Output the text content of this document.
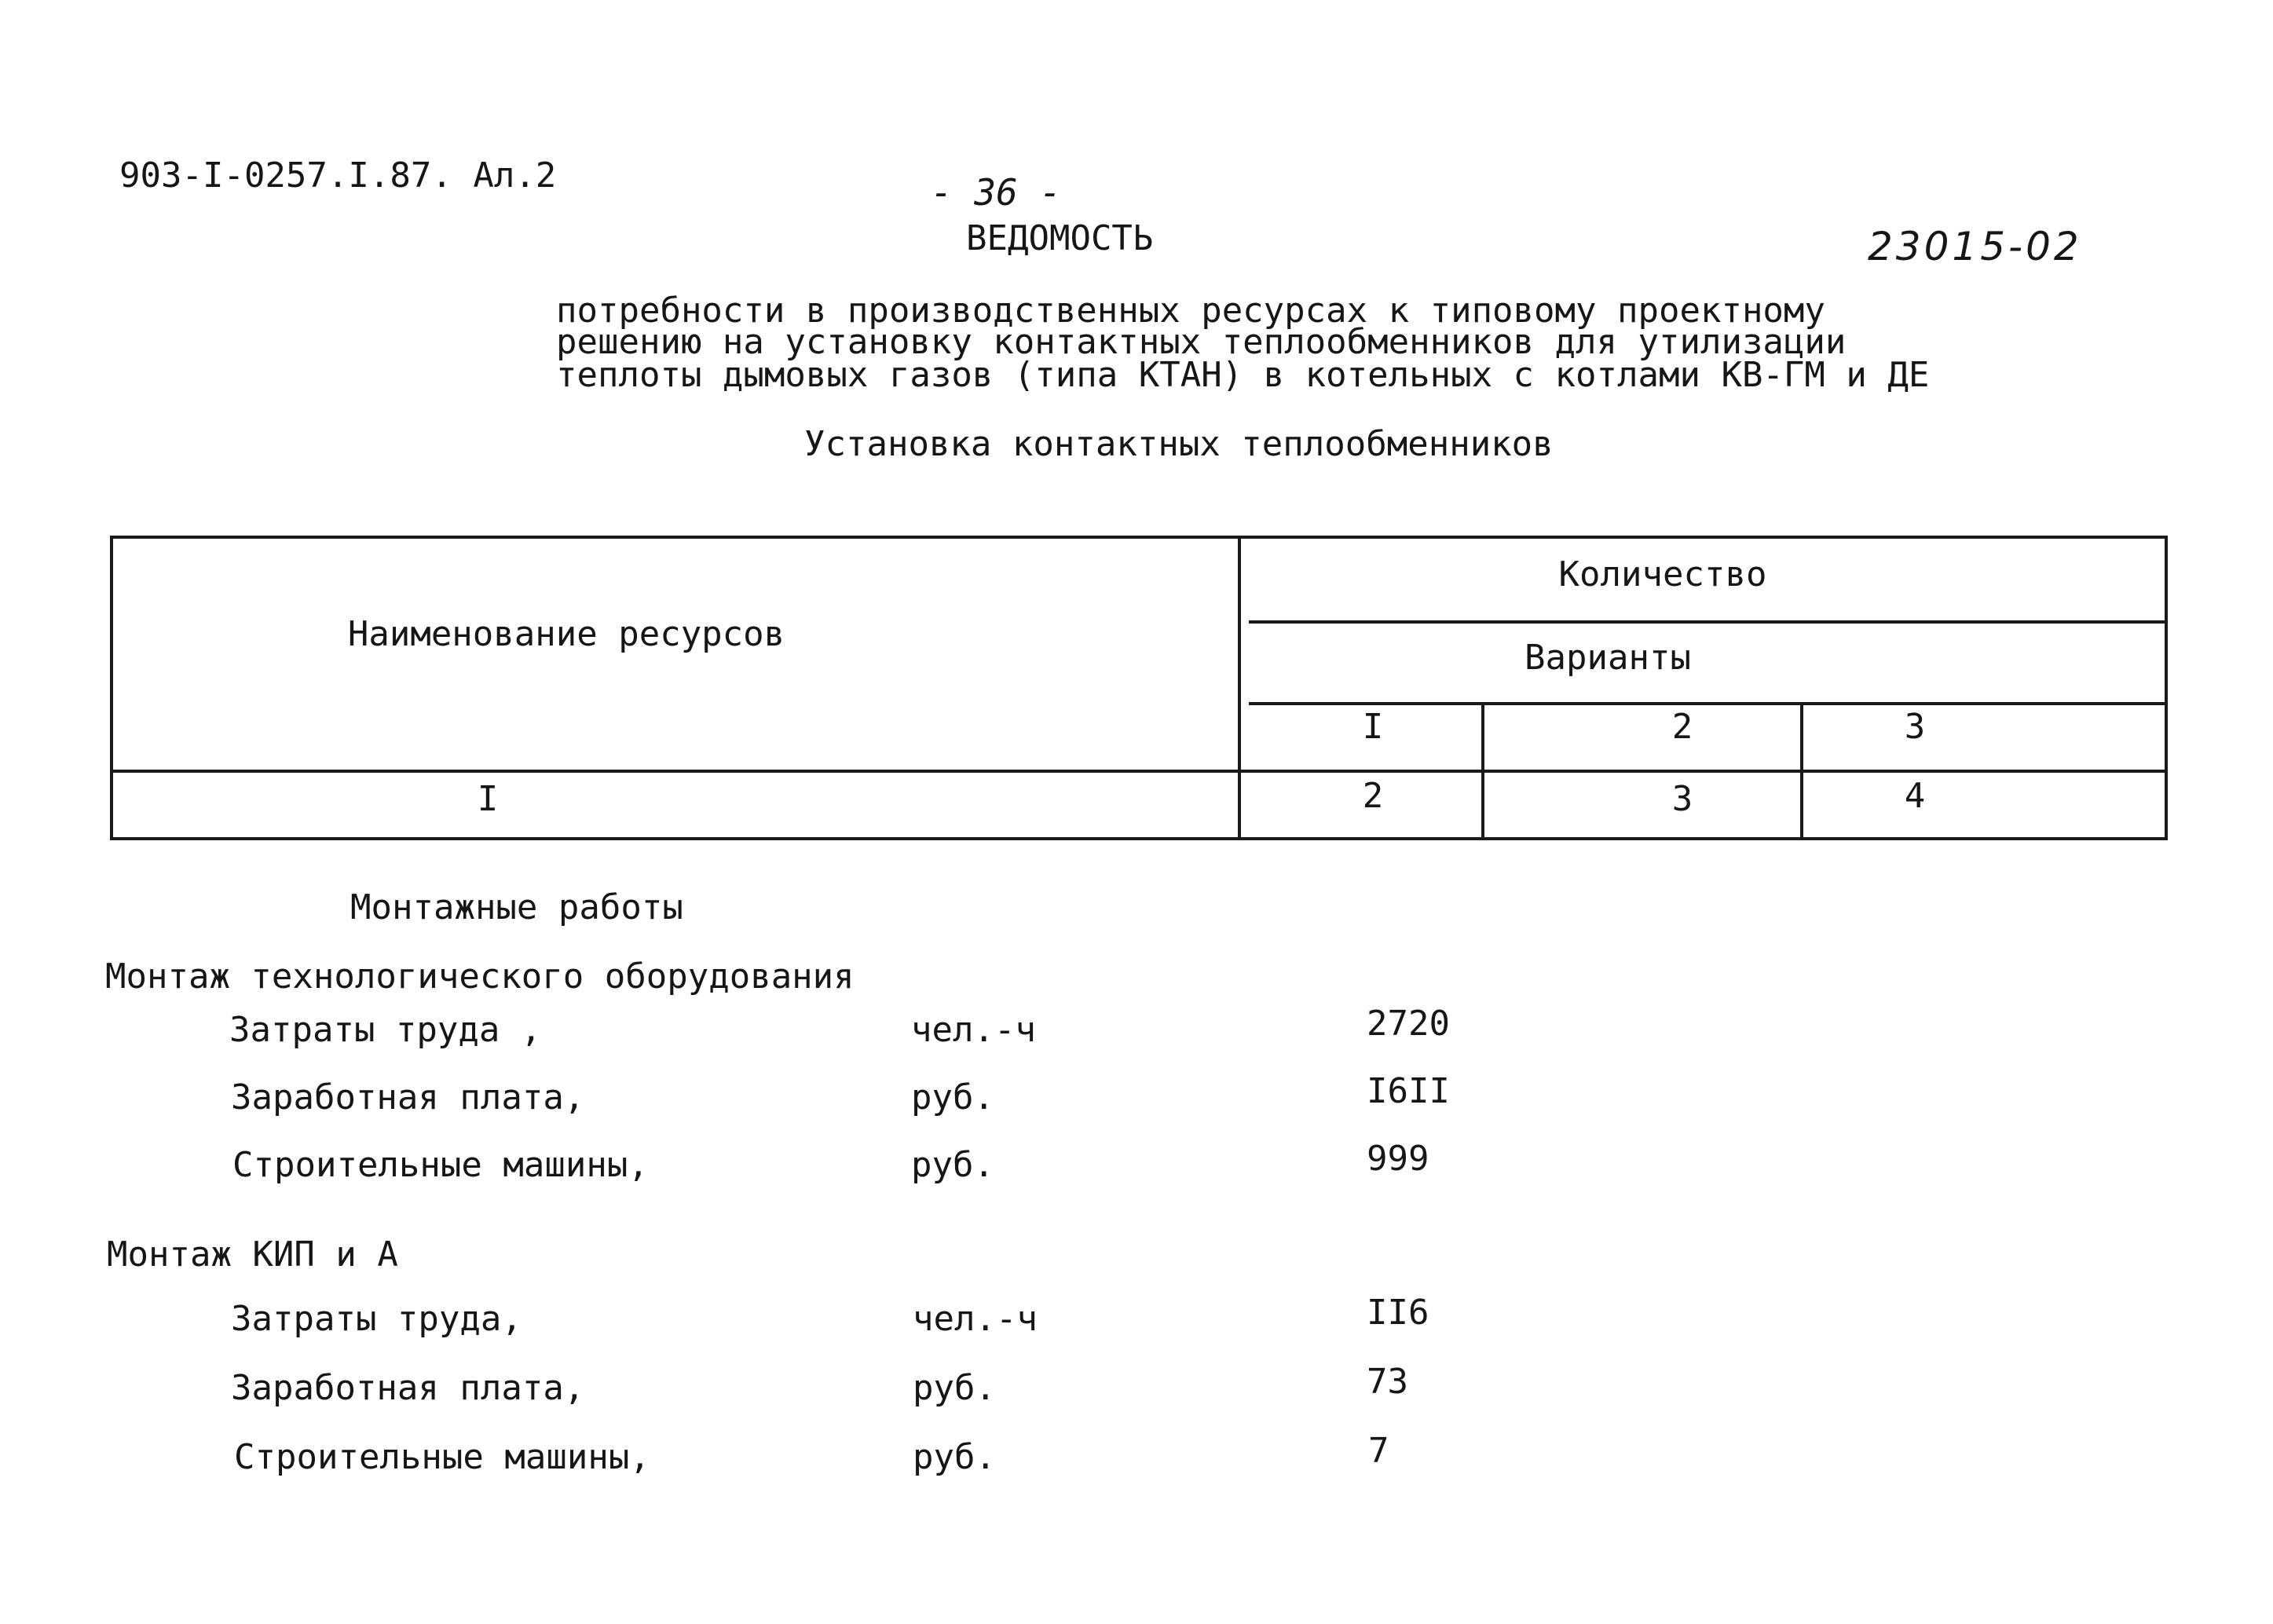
903-I-0257.I.87. Ал.2	- 36 -
ВЕДОМОСТЬ	23015-02
потребности в производственных ресурсах к типовому проектному
решению на установку контактных теплообменников для утилизации
теплоты дымовых газов (типа КТАН) в котельных с котлами КВ-ГМ и ДЕ
Установка контактных теплообменников
Наименование ресурсов
Количество
Варианты
I	2	3
I	2	3	4
Монтажные работы
Монтаж технологического оборудования
Затраты труда ,	чел.-ч	2720
Заработная плата,	руб.	I6II
Строительные машины,	руб.	999
Монтаж КИП и А
Затраты труда,	чел.-ч	II6
Заработная плата,	руб.	73
Строительные машины,	руб.	7
